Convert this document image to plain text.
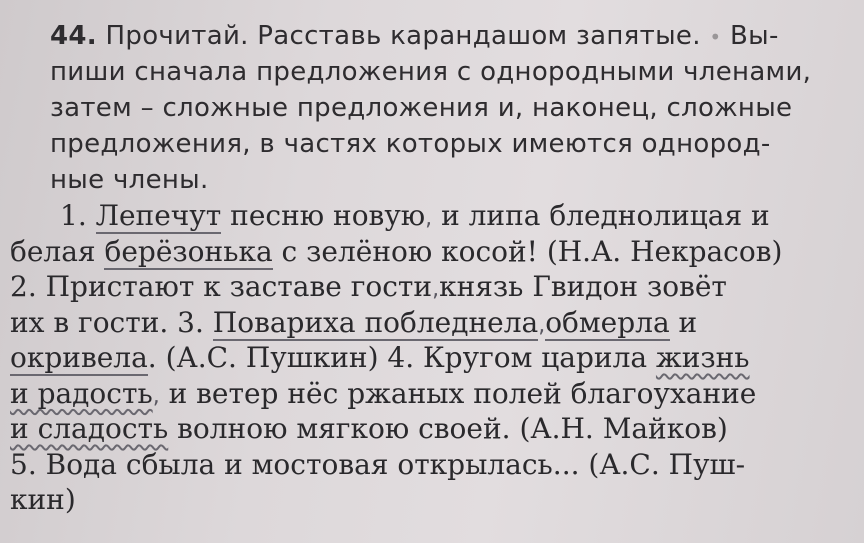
44. Прочитай. Расставь карандашом запятые. • Вы-
пиши сначала предложения с однородными членами,
затем – сложные предложения и, наконец, сложные
предложения, в частях которых имеются однород-
ные члены.
1. Лепечут песню новую, и липа бледнолицая и
белая берёзонька с зелёною косой! (Н.А. Некрасов)
2. Пристают к заставе гости,князь Гвидон зовёт
их в гости. 3. Повариха побледнела,обмерла и
окривела. (А.С. Пушкин) 4. Кругом царила жизнь
и радость, и ветер нёс ржаных полей благоухание
и сладость волною мягкою своей. (А.Н. Майков)
5. Вода сбыла и мостовая открылась... (А.С. Пуш-
кин)
